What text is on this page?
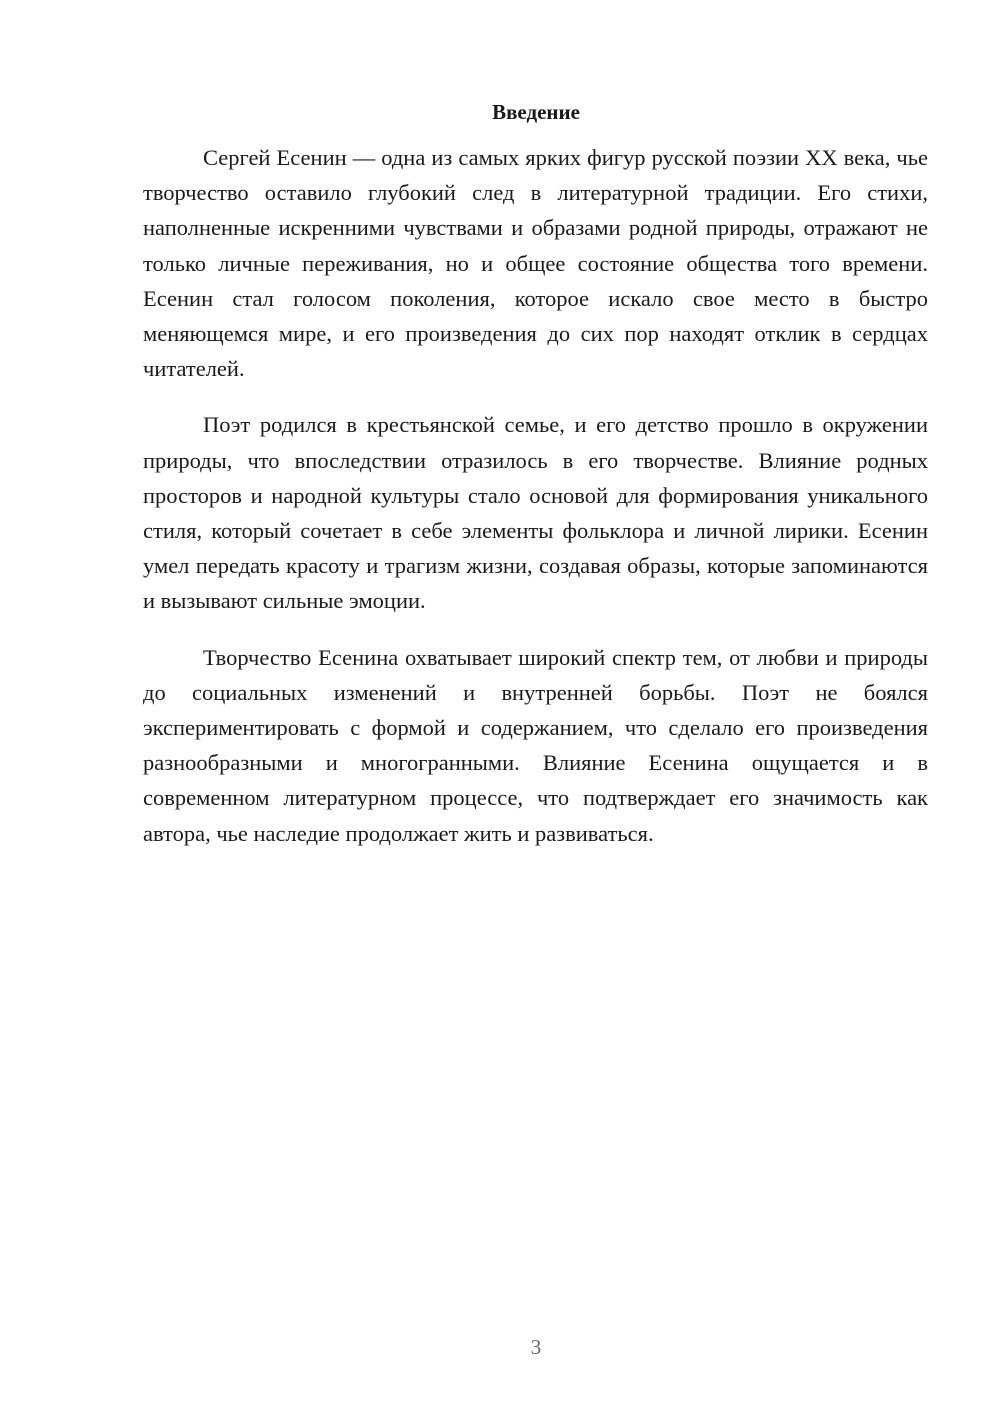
Введение

Сергей Есенин — одна из самых ярких фигур русской поэзии XX века, чье творчество оставило глубокий след в литературной традиции. Его стихи, наполненные искренними чувствами и образами родной природы, отражают не только личные переживания, но и общее состояние общества того времени. Есенин стал голосом поколения, которое искало свое место в быстро меняющемся мире, и его произведения до сих пор находят отклик в сердцах читателей.

Поэт родился в крестьянской семье, и его детство прошло в окружении природы, что впоследствии отразилось в его творчестве. Влияние родных просторов и народной культуры стало основой для формирования уникального стиля, который сочетает в себе элементы фольклора и личной лирики. Есенин умел передать красоту и трагизм жизни, создавая образы, которые запоминаются и вызывают сильные эмоции.

Творчество Есенина охватывает широкий спектр тем, от любви и природы до социальных изменений и внутренней борьбы. Поэт не боялся экспериментировать с формой и содержанием, что сделало его произведения разнообразными и многогранными. Влияние Есенина ощущается и в современном литературном процессе, что подтверждает его значимость как автора, чье наследие продолжает жить и развиваться.

3
